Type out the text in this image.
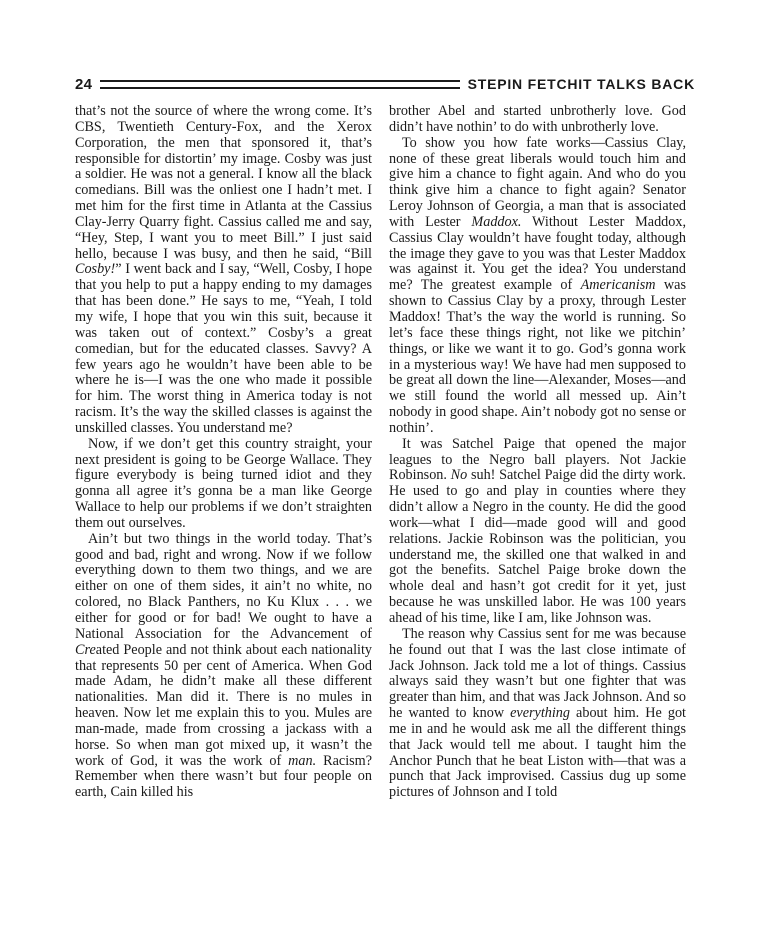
24	STEPIN FETCHIT TALKS BACK

that’s not the source of where the wrong come. It’s CBS, Twentieth Century-Fox, and the Xerox Corporation, the men that sponsored it, that’s responsible for distortin’ my image. Cosby was just a soldier. He was not a general. I know all the black comedians. Bill was the onliest one I hadn’t met. I met him for the first time in Atlanta at the Cassius Clay-Jerry Quarry fight. Cassius called me and say, “Hey, Step, I want you to meet Bill.” I just said hello, because I was busy, and then he said, “Bill Cosby!” I went back and I say, “Well, Cosby, I hope that you help to put a happy ending to my damages that has been done.” He says to me, “Yeah, I told my wife, I hope that you win this suit, because it was taken out of context.” Cosby’s a great comedian, but for the educated classes. Savvy? A few years ago he wouldn’t have been able to be where he is—I was the one who made it possible for him. The worst thing in America today is not racism. It’s the way the skilled classes is against the unskilled classes. You understand me?

Now, if we don’t get this country straight, your next president is going to be George Wallace. They figure everybody is being turned idiot and they gonna all agree it’s gonna be a man like George Wallace to help our problems if we don’t straighten them out ourselves.

Ain’t but two things in the world today. That’s good and bad, right and wrong. Now if we follow everything down to them two things, and we are either on one of them sides, it ain’t no white, no colored, no Black Panthers, no Ku Klux . . . we either for good or for bad! We ought to have a National Association for the Advancement of Created People and not think about each nationality that represents 50 per cent of America. When God made Adam, he didn’t make all these different nationalities. Man did it. There is no mules in heaven. Now let me explain this to you. Mules are man-made, made from crossing a jackass with a horse. So when man got mixed up, it wasn’t the work of God, it was the work of man. Racism? Remember when there wasn’t but four people on earth, Cain killed his

brother Abel and started unbrotherly love. God didn’t have nothin’ to do with unbrotherly love.

To show you how fate works—Cassius Clay, none of these great liberals would touch him and give him a chance to fight again. And who do you think give him a chance to fight again? Senator Leroy Johnson of Georgia, a man that is associated with Lester Maddox. Without Lester Maddox, Cassius Clay wouldn’t have fought today, although the image they gave to you was that Lester Maddox was against it. You get the idea? You understand me? The greatest example of Americanism was shown to Cassius Clay by a proxy, through Lester Maddox! That’s the way the world is running. So let’s face these things right, not like we pitchin’ things, or like we want it to go. God’s gonna work in a mysterious way! We have had men supposed to be great all down the line—Alexander, Moses—and we still found the world all messed up. Ain’t nobody in good shape. Ain’t nobody got no sense or nothin’.

It was Satchel Paige that opened the major leagues to the Negro ball players. Not Jackie Robinson. No suh! Satchel Paige did the dirty work. He used to go and play in counties where they didn’t allow a Negro in the county. He did the good work—what I did—made good will and good relations. Jackie Robinson was the politician, you understand me, the skilled one that walked in and got the benefits. Satchel Paige broke down the whole deal and hasn’t got credit for it yet, just because he was unskilled labor. He was 100 years ahead of his time, like I am, like Johnson was.

The reason why Cassius sent for me was because he found out that I was the last close intimate of Jack Johnson. Jack told me a lot of things. Cassius always said they wasn’t but one fighter that was greater than him, and that was Jack Johnson. And so he wanted to know everything about him. He got me in and he would ask me all the different things that Jack would tell me about. I taught him the Anchor Punch that he beat Liston with—that was a punch that Jack improvised. Cassius dug up some pictures of Johnson and I told
